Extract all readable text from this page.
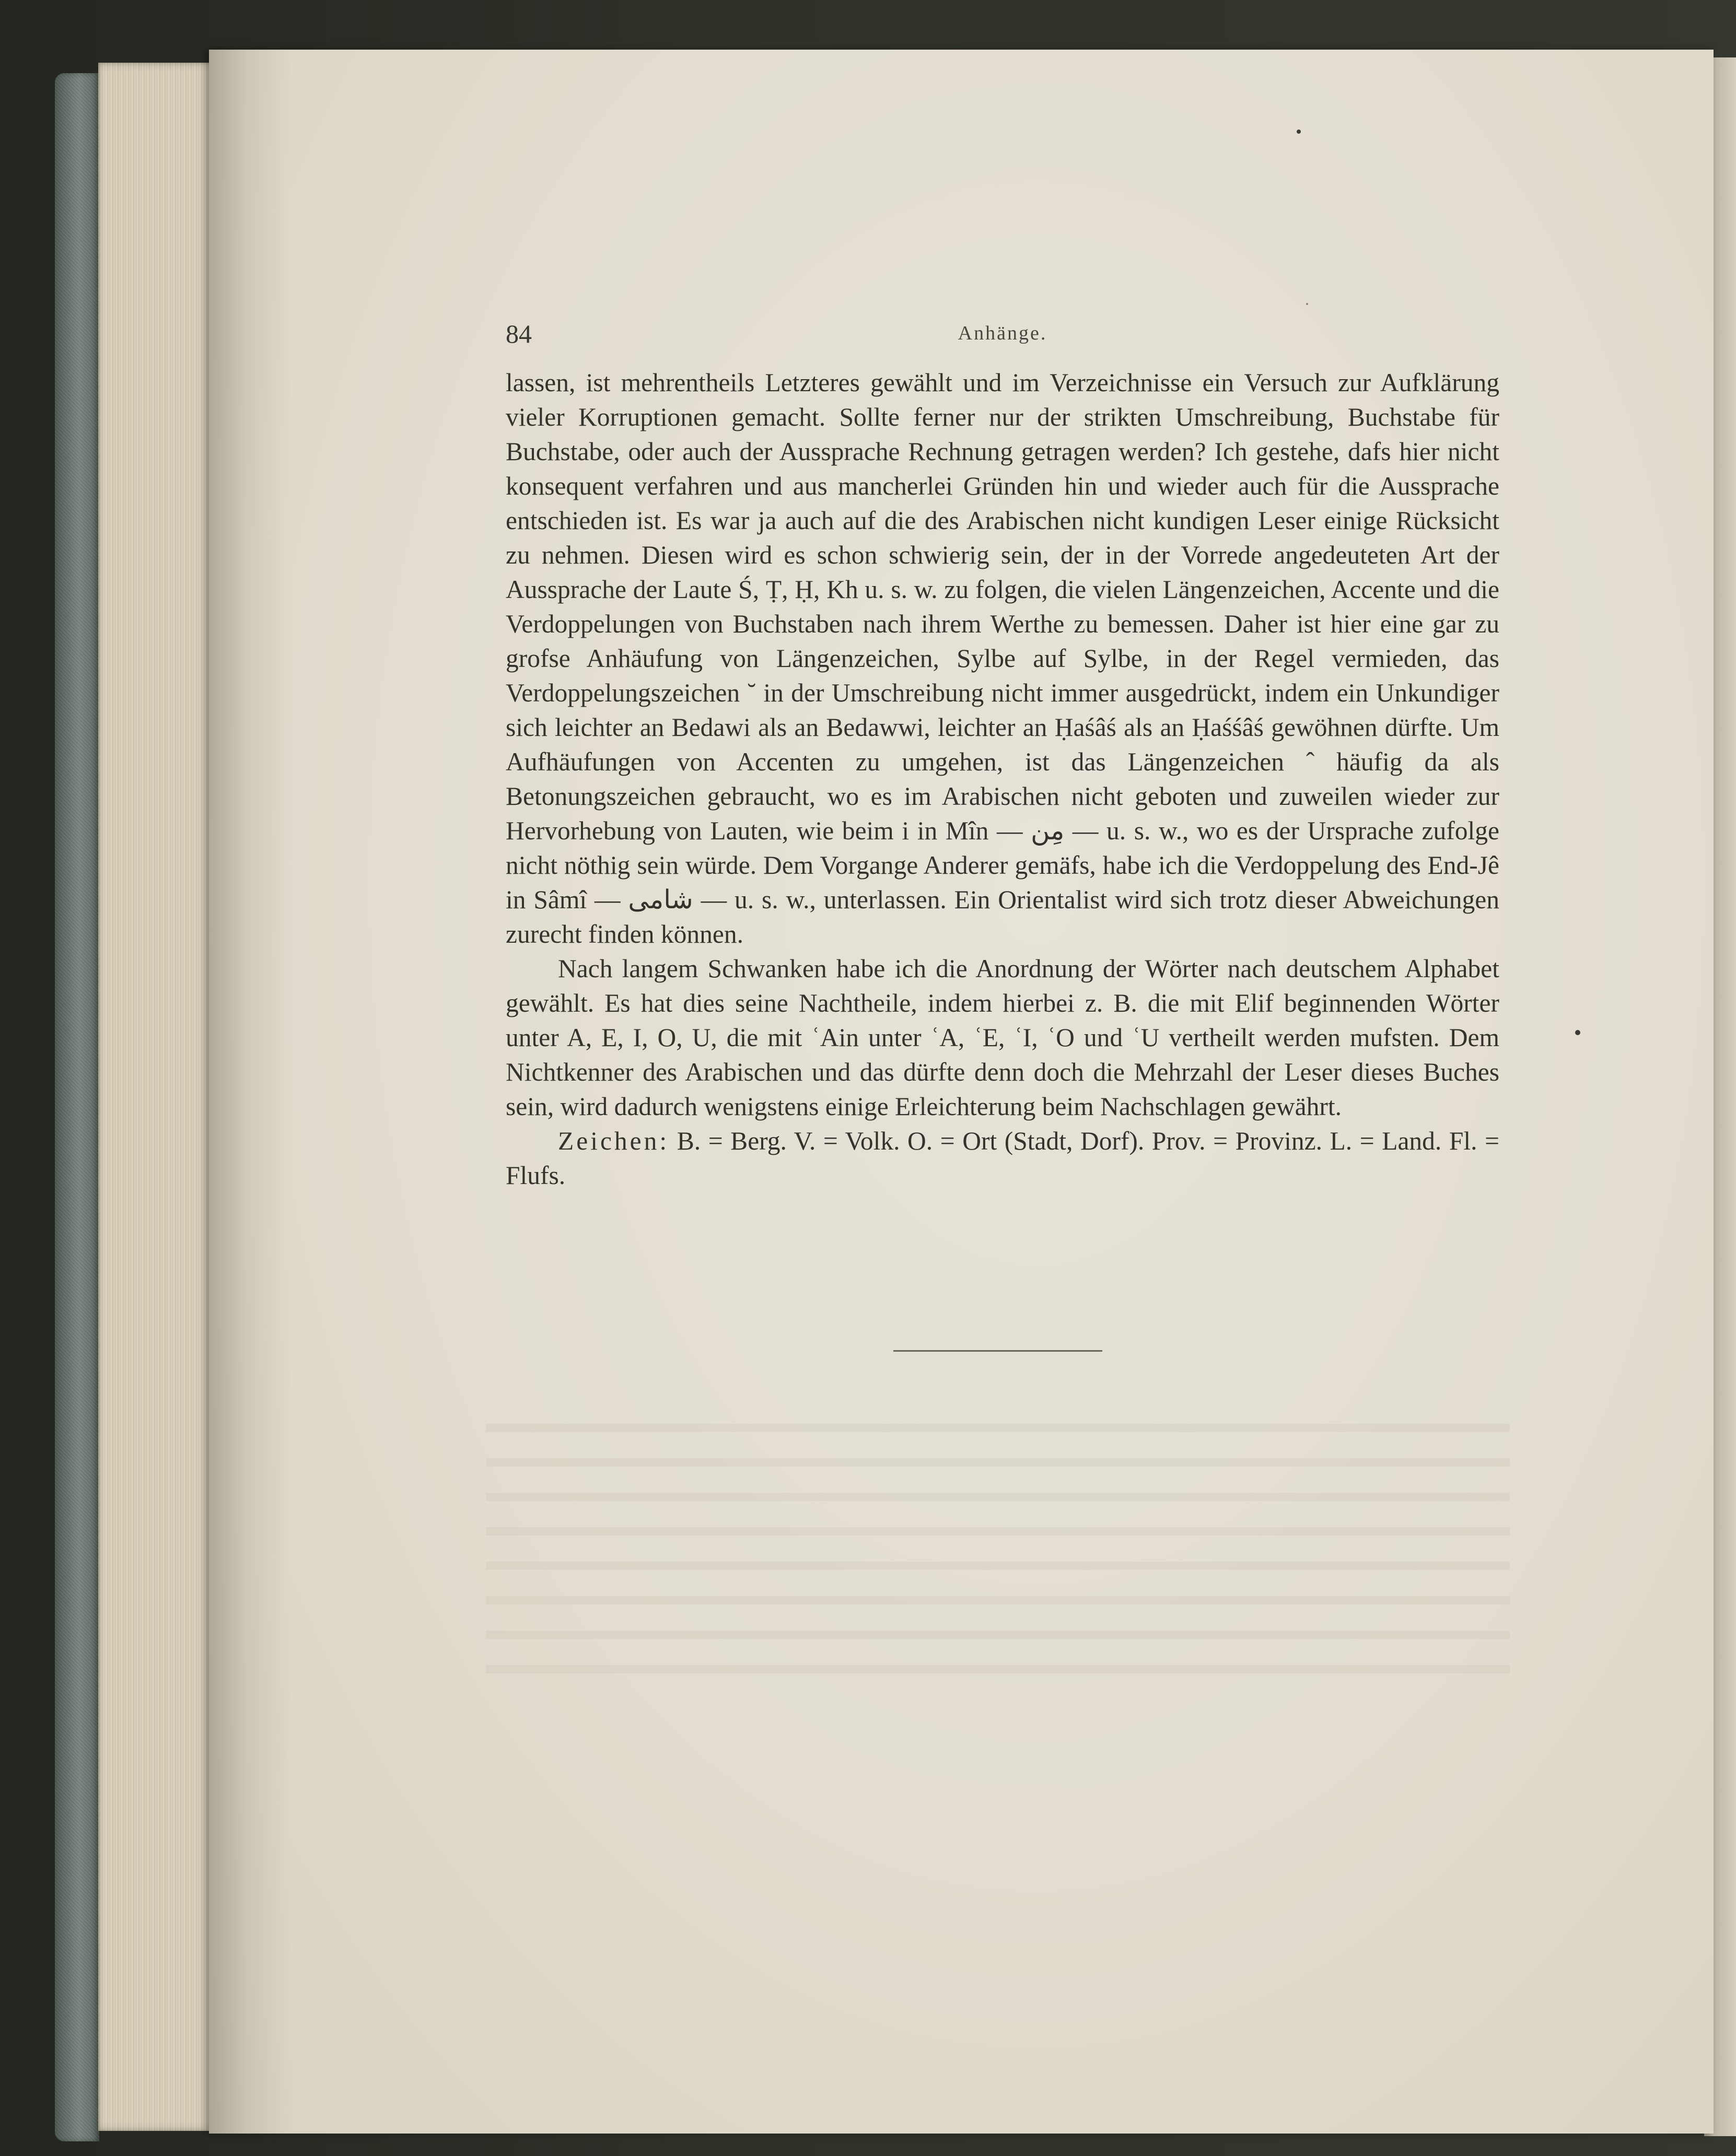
84	Anhänge.

lassen, ist mehrentheils Letzteres gewählt und im Verzeichnisse ein Versuch zur Aufklärung vieler Korruptionen gemacht. Sollte ferner nur der strikten Umschreibung, Buchstabe für Buchstabe, oder auch der Aussprache Rechnung getragen werden? Ich gestehe, dafs hier nicht konsequent verfahren und aus mancherlei Gründen hin und wieder auch für die Aussprache entschieden ist. Es war ja auch auf die des Arabischen nicht kundigen Leser einige Rücksicht zu nehmen. Diesen wird es schon schwierig sein, der in der Vorrede angedeuteten Art der Aussprache der Laute Ś, Ṭ, Ḥ, Kh u. s. w. zu folgen, die vielen Längenzeichen, Accente und die Verdoppelungen von Buchstaben nach ihrem Werthe zu bemessen. Daher ist hier eine gar zu grofse Anhäufung von Längenzeichen, Sylbe auf Sylbe, in der Regel vermieden, das Verdoppelungszeichen ˘ in der Umschreibung nicht immer ausgedrückt, indem ein Unkundiger sich leichter an Bedawi als an Bedawwi, leichter an Ḥaśâś als an Ḥaśśâś gewöhnen dürfte. Um Aufhäufungen von Accenten zu umgehen, ist das Längenzeichen ˆ häufig da als Betonungszeichen gebraucht, wo es im Arabischen nicht geboten und zuweilen wieder zur Hervorhebung von Lauten, wie beim i in Mîn — مِن — u. s. w., wo es der Ursprache zufolge nicht nöthig sein würde. Dem Vorgange Anderer gemäfs, habe ich die Verdoppelung des End-Jê in Sâmî — شامى — u. s. w., unterlassen. Ein Orientalist wird sich trotz dieser Abweichungen zurecht finden können.

Nach langem Schwanken habe ich die Anordnung der Wörter nach deutschem Alphabet gewählt. Es hat dies seine Nachtheile, indem hierbei z. B. die mit Elif beginnenden Wörter unter A, E, I, O, U, die mit ʿAin unter ʿA, ʿE, ʿI, ʿO und ʿU vertheilt werden mufsten. Dem Nichtkenner des Arabischen und das dürfte denn doch die Mehrzahl der Leser dieses Buches sein, wird dadurch wenigstens einige Erleichterung beim Nachschlagen gewährt.

Zeichen: B. = Berg. V. = Volk. O. = Ort (Stadt, Dorf). Prov. = Provinz. L. = Land. Fl. = Flufs.
